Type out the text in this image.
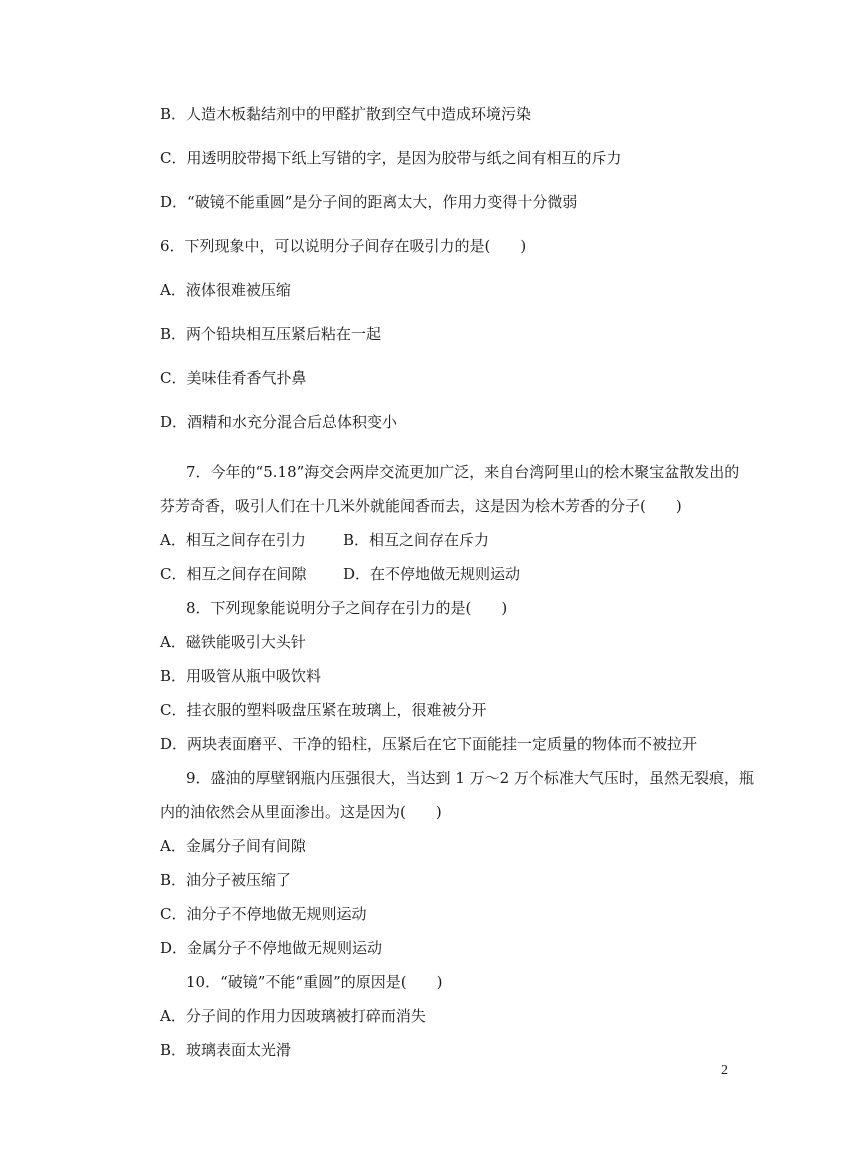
B．人造木板黏结剂中的甲醛扩散到空气中造成环境污染
C．用透明胶带揭下纸上写错的字，是因为胶带与纸之间有相互的斥力
D．“破镜不能重圆”是分子间的距离太大，作用力变得十分微弱
6．下列现象中，可以说明分子间存在吸引力的是(　　)
A．液体很难被压缩
B．两个铅块相互压紧后粘在一起
C．美味佳肴香气扑鼻
D．酒精和水充分混合后总体积变小
7．今年的“5.18”海交会两岸交流更加广泛，来自台湾阿里山的桧木聚宝盆散发出的
芬芳奇香，吸引人们在十几米外就能闻香而去，这是因为桧木芳香的分子(　　)
A．相互之间存在引力 B．相互之间存在斥力
C．相互之间存在间隙 D．在不停地做无规则运动
8．下列现象能说明分子之间存在引力的是(　　)
A．磁铁能吸引大头针
B．用吸管从瓶中吸饮料
C．挂衣服的塑料吸盘压紧在玻璃上，很难被分开
D．两块表面磨平、干净的铅柱，压紧后在它下面能挂一定质量的物体而不被拉开
9．盛油的厚壁钢瓶内压强很大，当达到 1 万～2 万个标准大气压时，虽然无裂痕，瓶
内的油依然会从里面渗出。这是因为(　　)
A．金属分子间有间隙
B．油分子被压缩了
C．油分子不停地做无规则运动
D．金属分子不停地做无规则运动
10．“破镜”不能“重圆”的原因是(　　)
A．分子间的作用力因玻璃被打碎而消失
B．玻璃表面太光滑
2
